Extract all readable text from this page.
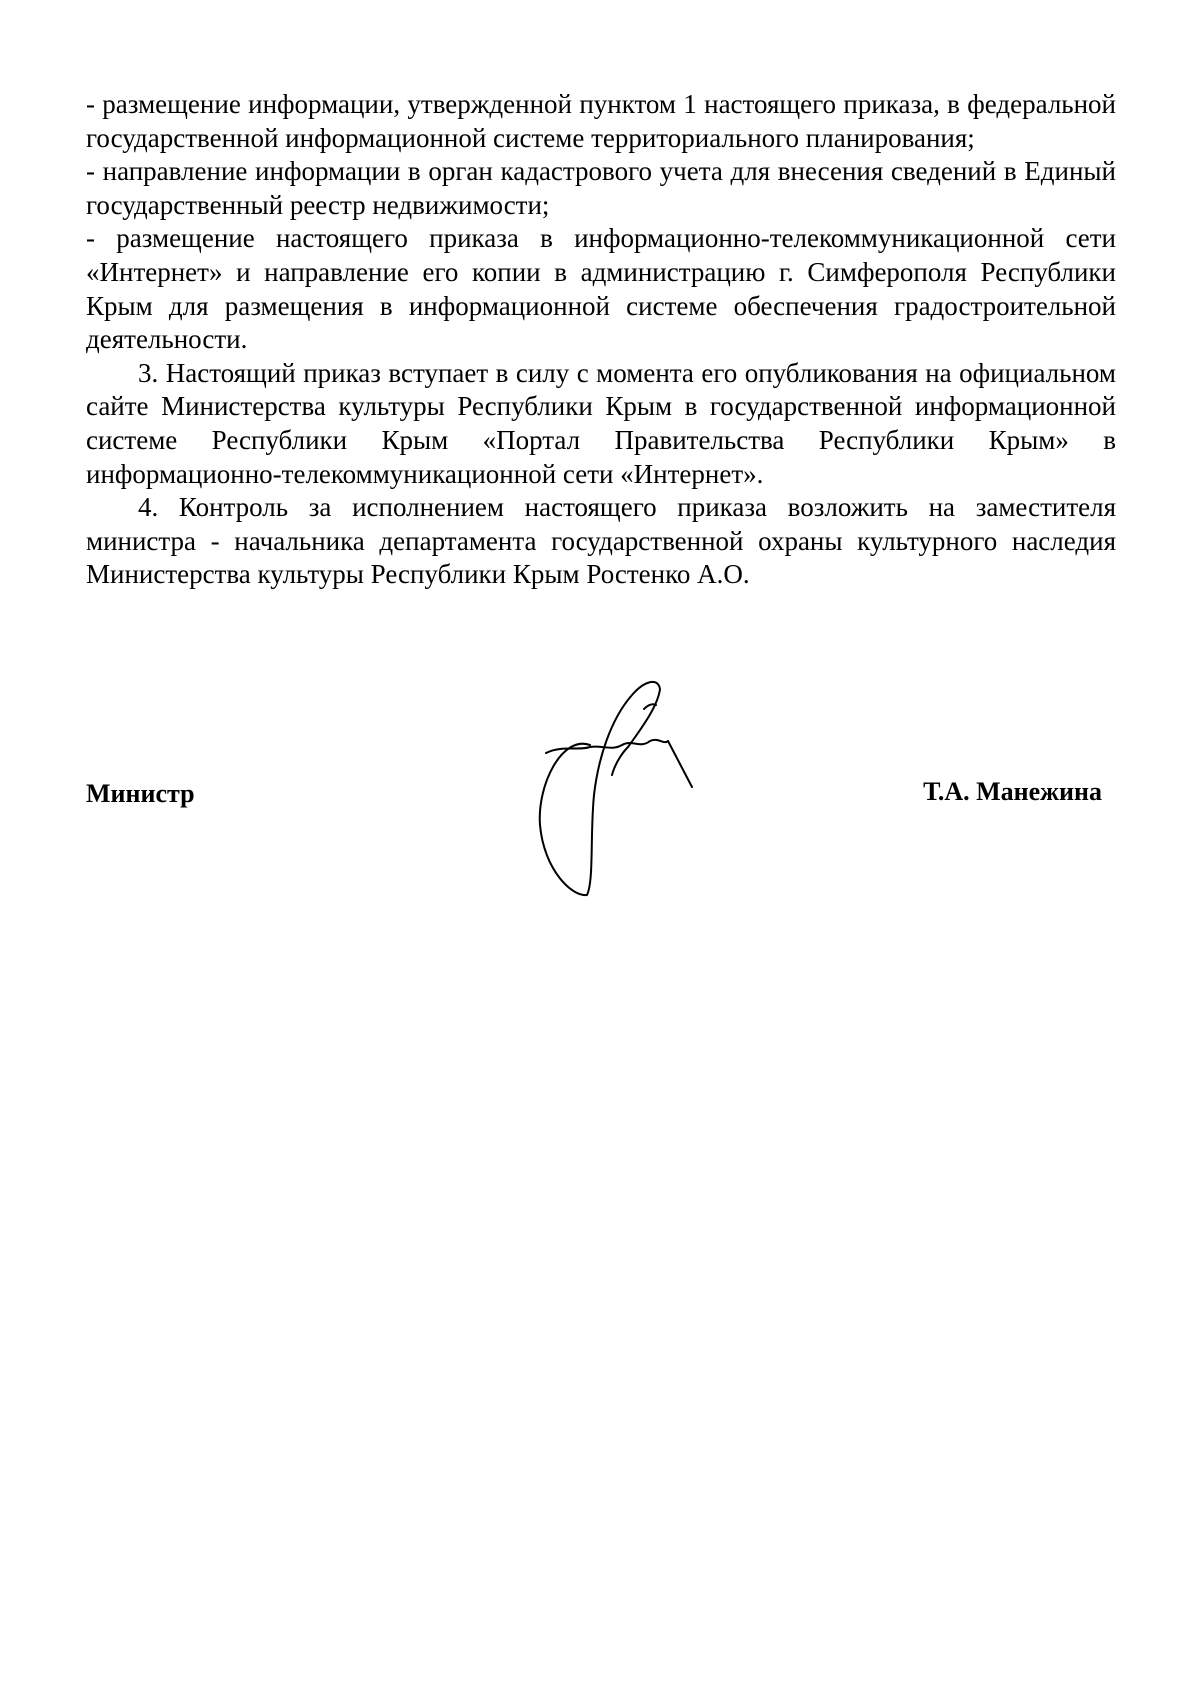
- размещение информации, утвержденной пунктом 1 настоящего приказа, в федеральной государственной информационной системе территориального планирования;

- направление информации в орган кадастрового учета для внесения сведений в Единый государственный реестр недвижимости;

- размещение настоящего приказа в информационно-телекоммуникационной сети «Интернет» и направление его копии в администрацию г. Симферополя Республики Крым для размещения в информационной системе обеспечения градостроительной деятельности.

3. Настоящий приказ вступает в силу с момента его опубликования на официальном сайте Министерства культуры Республики Крым в государственной информационной системе Республики Крым «Портал Правительства Республики Крым» в информационно-телекоммуникационной сети «Интернет».

4. Контроль за исполнением настоящего приказа возложить на заместителя министра - начальника департамента государственной охраны культурного наследия Министерства культуры Республики Крым Ростенко А.О.

Министр	Т.А. Манежина
